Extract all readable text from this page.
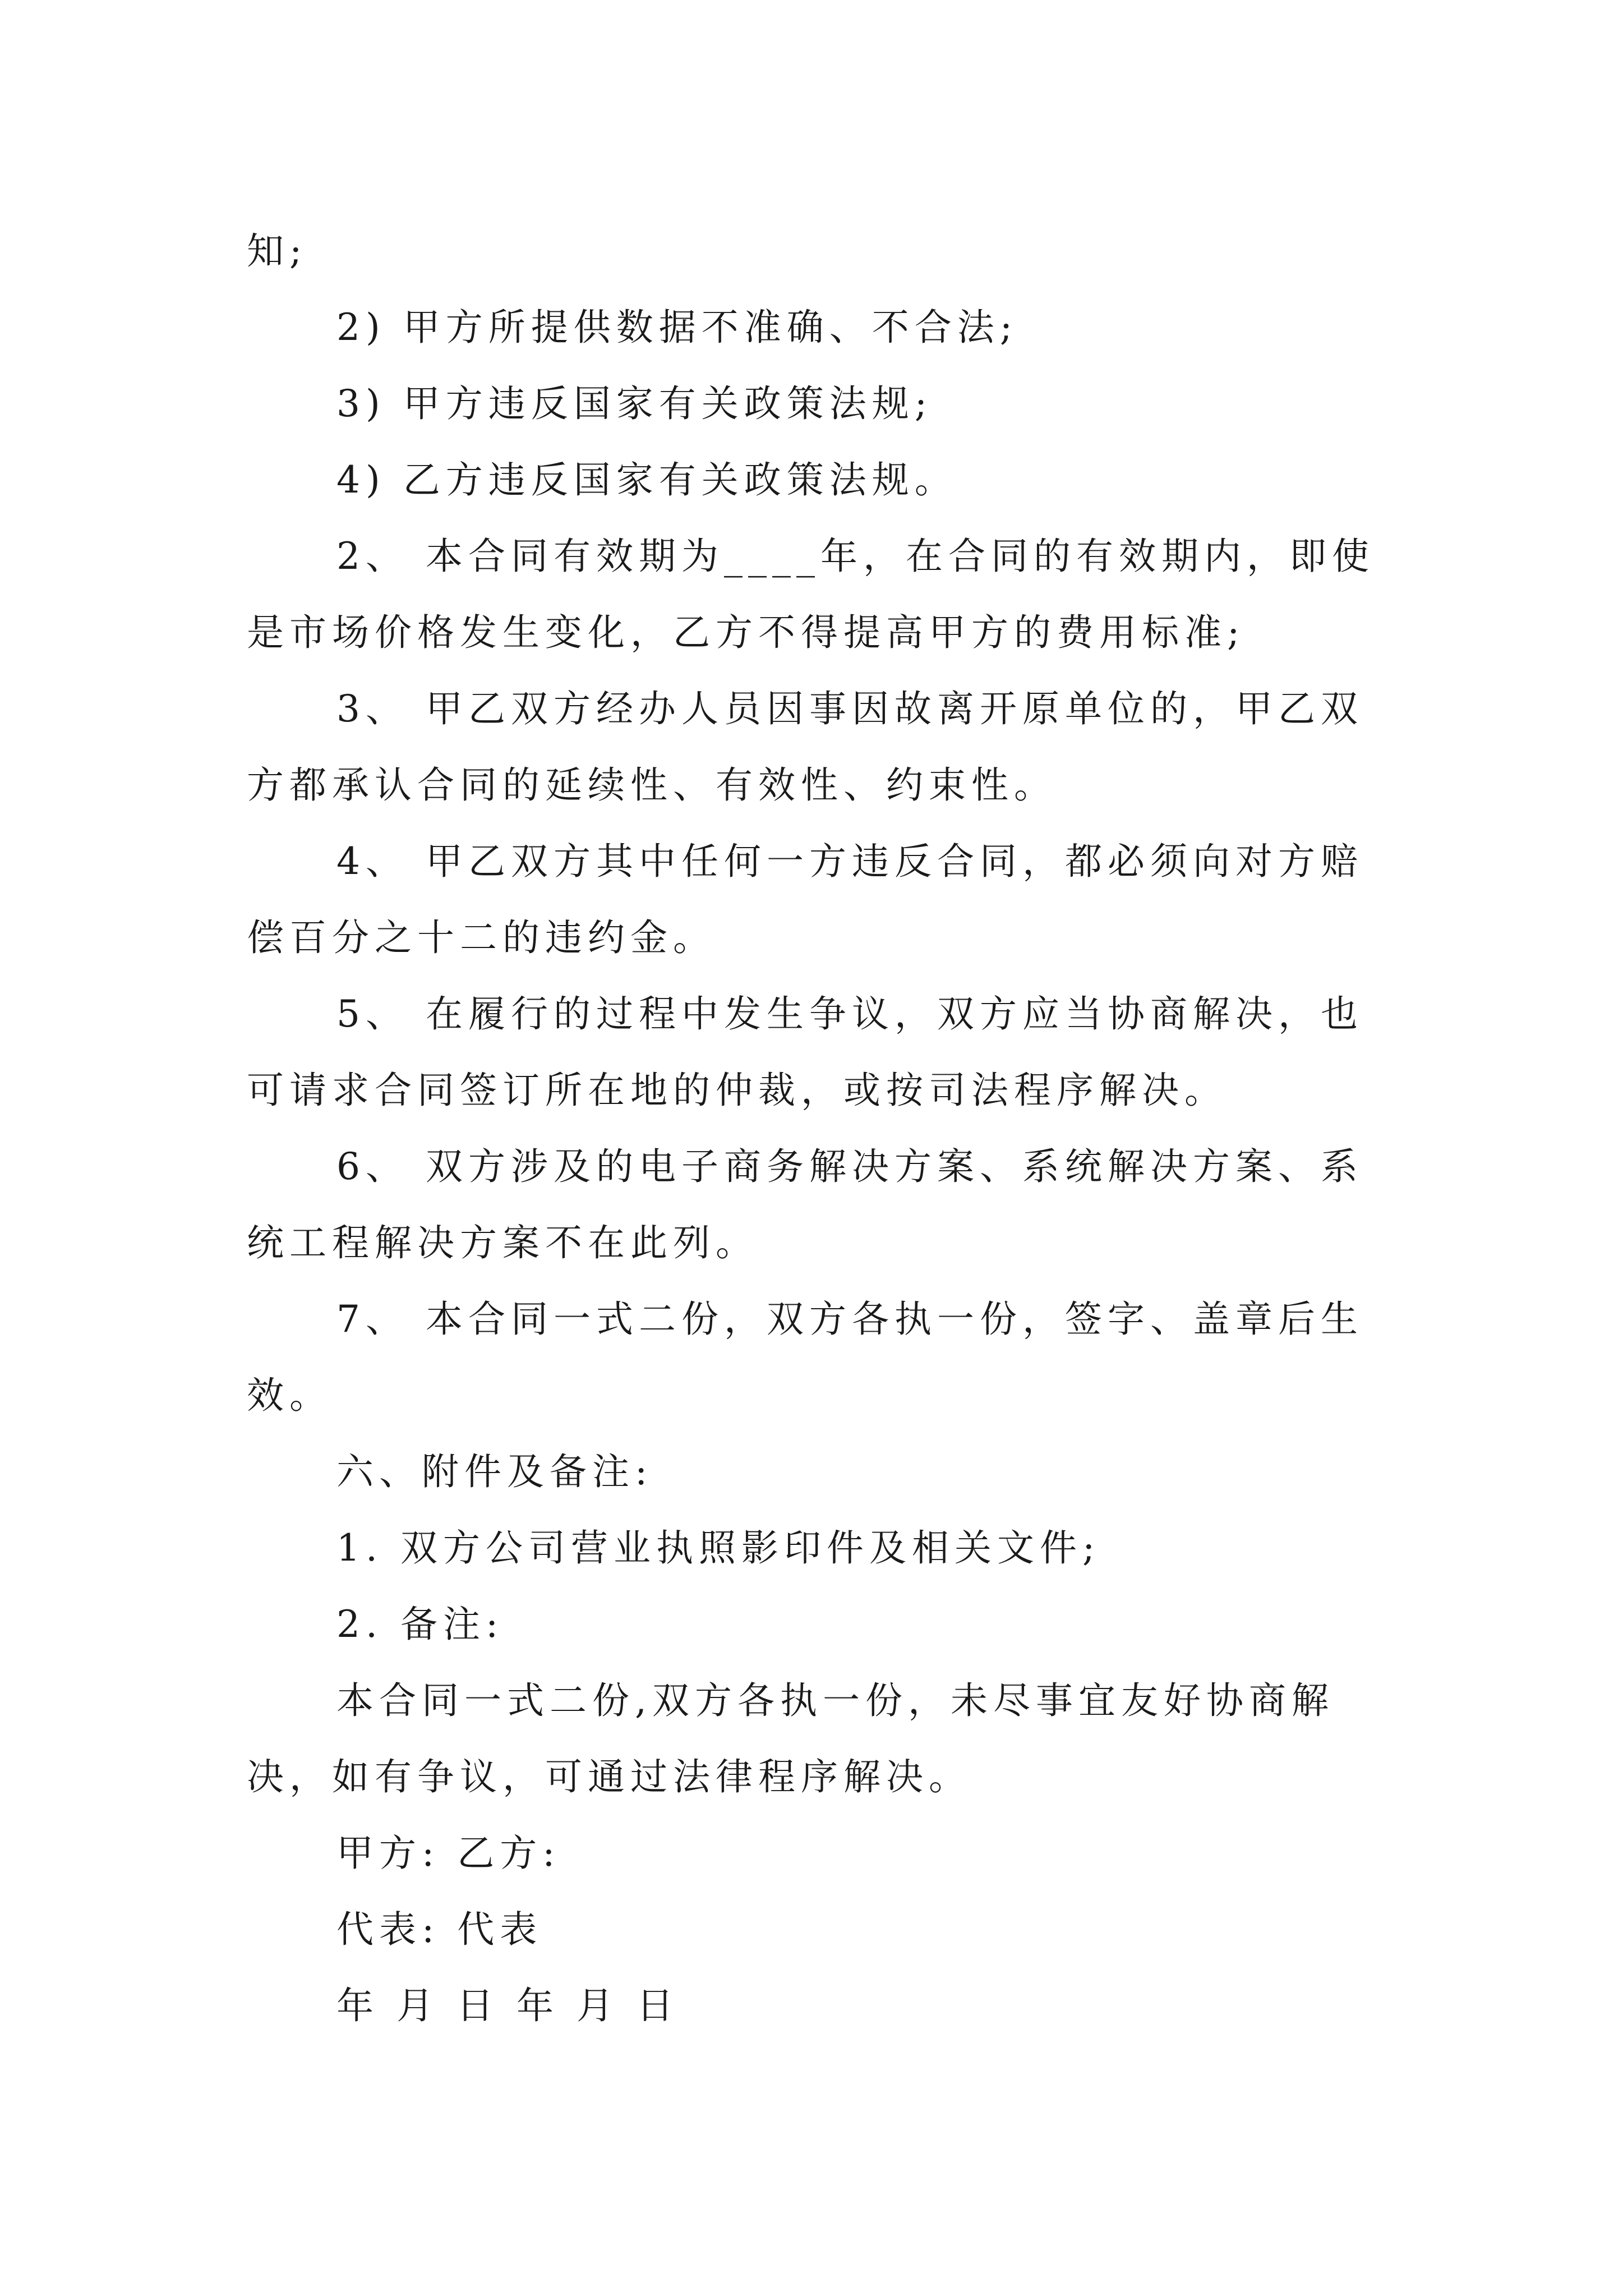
知;
2) 甲方所提供数据不准确、不合法;
3) 甲方违反国家有关政策法规;
4) 乙方违反国家有关政策法规。
2、 本合同有效期为____年，在合同的有效期内，即使
是市场价格发生变化，乙方不得提高甲方的费用标准;
3、 甲乙双方经办人员因事因故离开原单位的，甲乙双
方都承认合同的延续性、有效性、约束性。
4、 甲乙双方其中任何一方违反合同，都必须向对方赔
偿百分之十二的违约金。
5、 在履行的过程中发生争议，双方应当协商解决，也
可请求合同签订所在地的仲裁，或按司法程序解决。
6、 双方涉及的电子商务解决方案、系统解决方案、系
统工程解决方案不在此列。
7、 本合同一式二份，双方各执一份，签字、盖章后生
效。
六、附件及备注:
1. 双方公司营业执照影印件及相关文件;
2. 备注:
本合同一式二份,双方各执一份，未尽事宜友好协商解
决，如有争议，可通过法律程序解决。
甲方: 乙方:
代表: 代表
年 月 日 年 月 日
